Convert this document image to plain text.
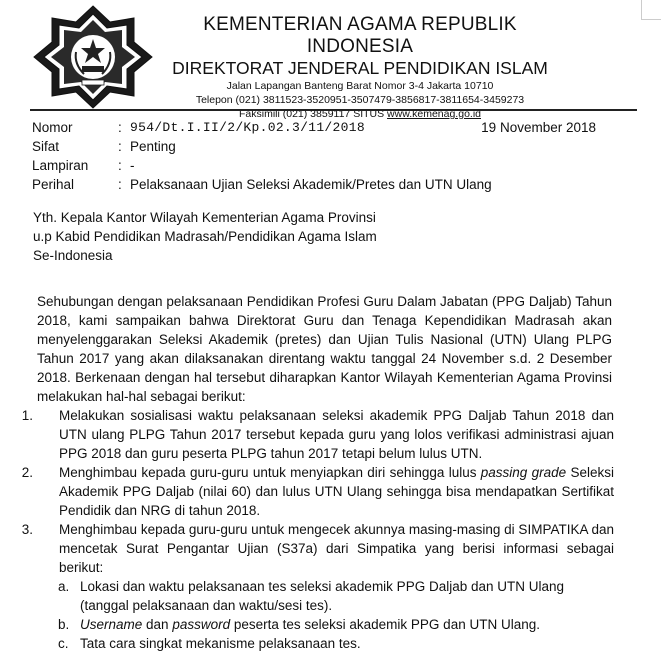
KEMENTERIAN AGAMA REPUBLIK INDONESIA
DIREKTORAT JENDERAL PENDIDIKAN ISLAM
Jalan Lapangan Banteng Barat Nomor 3-4 Jakarta 10710
Telepon (021) 3811523-3520951-3507479-3856817-3811654-3459273
Faksimili (021) 3859117 SITUS www.kemenag.go.id
Nomor	: 954/Dt.I.II/2/Kp.02.3/11/2018	19 November 2018
Sifat	: Penting
Lampiran	: -
Perihal	: Pelaksanaan Ujian Seleksi Akademik/Pretes dan UTN Ulang
Yth. Kepala Kantor Wilayah Kementerian Agama Provinsi
u.p Kabid Pendidikan Madrasah/Pendidikan Agama Islam
Se-Indonesia
Sehubungan dengan pelaksanaan Pendidikan Profesi Guru Dalam Jabatan (PPG Daljab) Tahun 2018, kami sampaikan bahwa Direktorat Guru dan Tenaga Kependidikan Madrasah akan menyelenggarakan Seleksi Akademik (pretes) dan Ujian Tulis Nasional (UTN) Ulang PLPG Tahun 2017 yang akan dilaksanakan direntang waktu tanggal 24 November s.d. 2 Desember 2018. Berkenaan dengan hal tersebut diharapkan Kantor Wilayah Kementerian Agama Provinsi melakukan hal-hal sebagai berikut:
1.	Melakukan sosialisasi waktu pelaksanaan seleksi akademik PPG Daljab Tahun 2018 dan UTN ulang PLPG Tahun 2017 tersebut kepada guru yang lolos verifikasi administrasi ajuan PPG 2018 dan guru peserta PLPG tahun 2017 tetapi belum lulus UTN.
2.	Menghimbau kepada guru-guru untuk menyiapkan diri sehingga lulus passing grade Seleksi Akademik PPG Daljab (nilai 60) dan lulus UTN Ulang sehingga bisa mendapatkan Sertifikat Pendidik dan NRG di tahun 2018.
3.	Menghimbau kepada guru-guru untuk mengecek akunnya masing-masing di SIMPATIKA dan mencetak Surat Pengantar Ujian (S37a) dari Simpatika yang berisi informasi sebagai berikut:
a. Lokasi dan waktu pelaksanaan tes seleksi akademik PPG Daljab dan UTN Ulang (tanggal pelaksanaan dan waktu/sesi tes).
b. Username dan password peserta tes seleksi akademik PPG dan UTN Ulang.
c. Tata cara singkat mekanisme pelaksanaan tes.
